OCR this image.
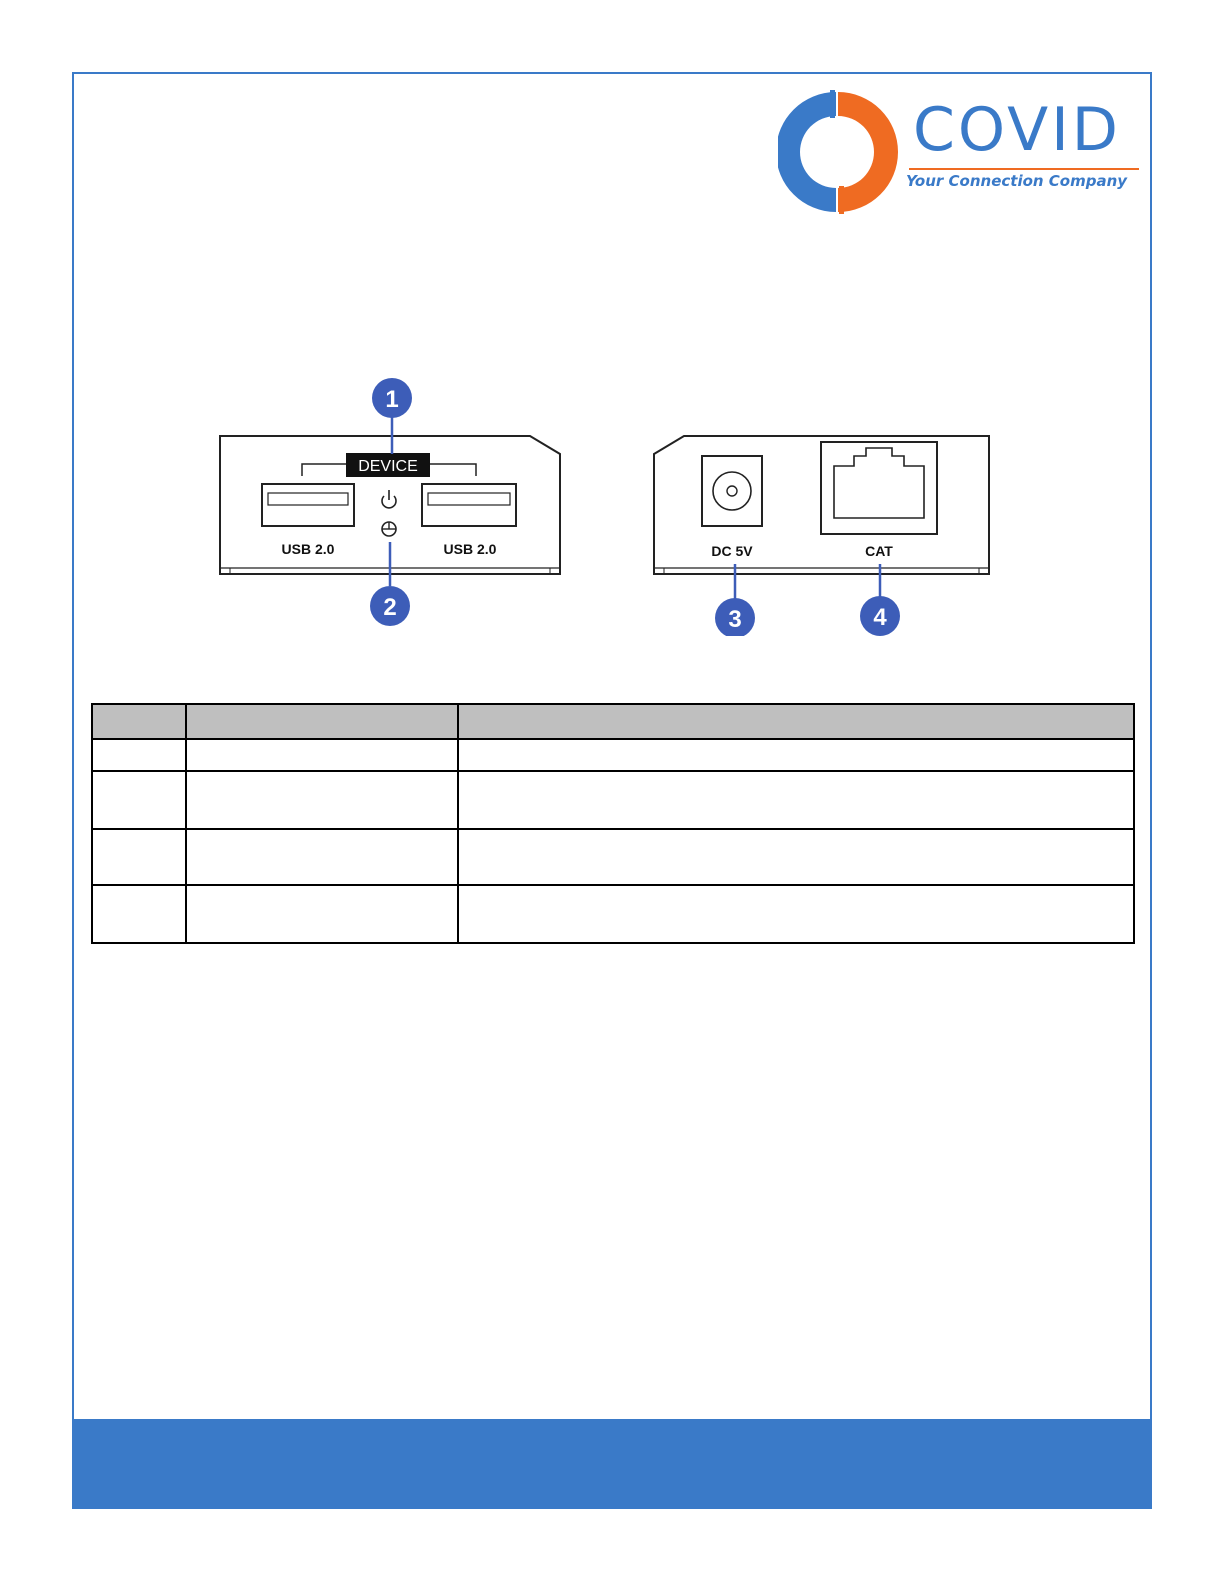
COVID
Your Connection Company
DEVICE
USB 2.0	USB 2.0	DC 5V	CAT
1
2	3	4
